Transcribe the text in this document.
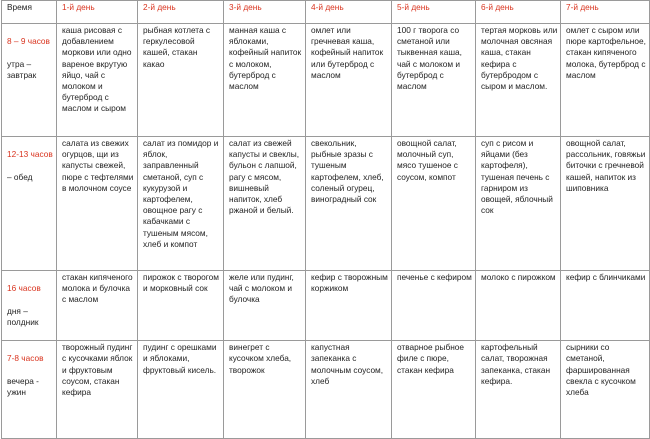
Время	1-й день	2-й день	3-й день	4-й день	5-й день	6-й день	7-й день

8 – 9 часов

утра – завтрак	каша рисовая с добавлением моркови или одно вареное вкрутую яйцо, чай с молоком и бутерброд с маслом и сыром	рыбная котлета с геркулесовой кашей, стакан какао	манная каша с яблоками, кофейный напиток с молоком, бутерброд с маслом	омлет или гречневая каша, кофейный напиток или бутерброд с маслом	100 г творога со сметаной или тыквенная каша, чай с молоком и бутерброд с маслом	тертая морковь или молочная овсяная каша, стакан кефира с бутербродом с сыром и маслом.	омлет с сыром или пюре картофельное, стакан кипяченого молока, бутерброд с маслом

12-13 часов

– обед	салата из свежих огурцов, щи из капусты свежей, пюре с тефтелями в молочном соусе	салат из помидор и яблок, заправленный сметаной, суп с кукурузой и картофелем, овощное рагу с кабачками с тушеным мясом, хлеб и компот	салат из свежей капусты и свеклы, бульон с лапшой, рагу с мясом, вишневый напиток, хлеб ржаной и белый.	свекольник, рыбные зразы с тушеным картофелем, хлеб, соленый огурец, виноградный сок	овощной салат, молочный суп, мясо тушеное с соусом, компот	суп с рисом и яйцами (без картофеля), тушеная печень с гарниром из овощей, яблочный сок	овощной салат, рассольник, говяжьи биточки с гречневой кашей, напиток из шиповника

16 часов

дня – полдник	стакан кипяченого молока и булочка с маслом	пирожок с творогом и морковный сок	желе или пудинг, чай с молоком и булочка	кефир с творожным коржиком	печенье с кефиром	молоко с пирожком	кефир с блинчиками

7-8 часов

вечера - ужин	творожный пудинг с кусочками яблок и фруктовым соусом, стакан кефира	пудинг с орешками и яблоками, фруктовый кисель.	винегрет с кусочком хлеба, творожок	капустная запеканка с молочным соусом, хлеб	отварное рыбное филе с пюре, стакан кефира	картофельный салат, творожная запеканка, стакан кефира.	сырники со сметаной, фаршированная свекла с кусочком хлеба
